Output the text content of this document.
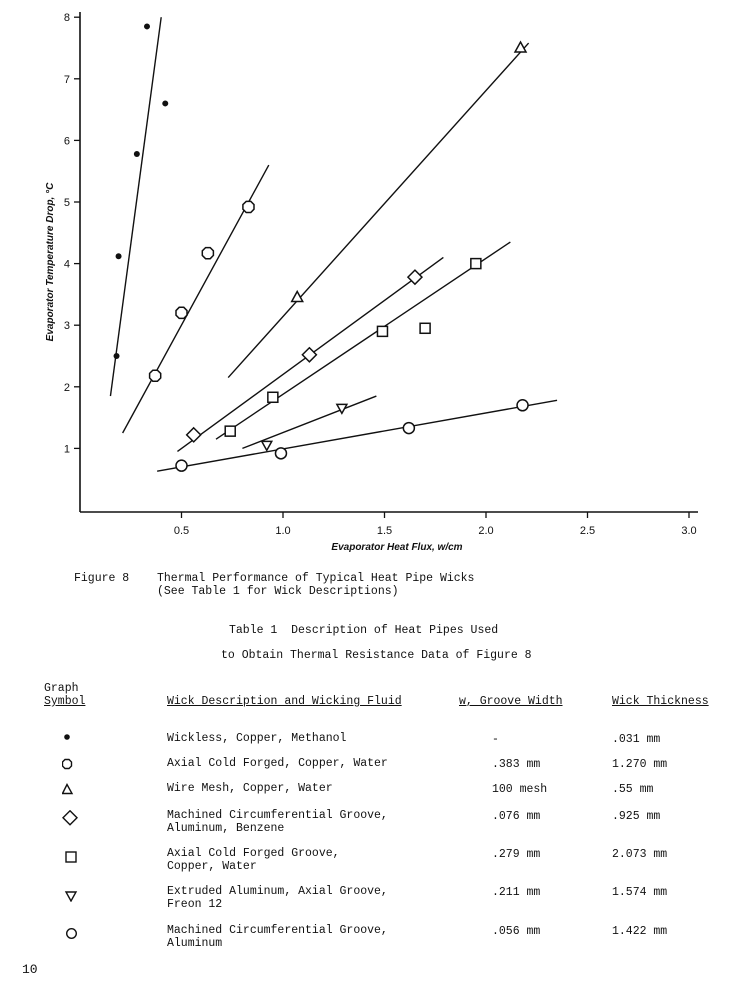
0.5	1.0	1.5	2.0	2.5	3.0
1
2
3
4
5
6
7
8
Evaporator Heat Flux, w/cm
Evaporator Temperature Drop, °C
Figure 8 Thermal Performance of Typical Heat Pipe Wicks
(See Table 1 for Wick Descriptions)
Table 1  Description of Heat Pipes Used
to Obtain Thermal Resistance Data of Figure 8
Graph
Symbol	Wick Description and Wicking Fluid	w, Groove Width	Wick Thickness
Wickless, Copper, Methanol	-	.031 mm
Axial Cold Forged, Copper, Water	.383 mm	1.270 mm
Wire Mesh, Copper, Water	100 mesh	.55 mm
Machined Circumferential Groove,
Aluminum, Benzene
.076 mm	.925 mm
Axial Cold Forged Groove,
Copper, Water
.279 mm	2.073 mm
Extruded Aluminum, Axial Groove,
Freon 12
.211 mm	1.574 mm
Machined Circumferential Groove,
Aluminum
.056 mm	1.422 mm
10
